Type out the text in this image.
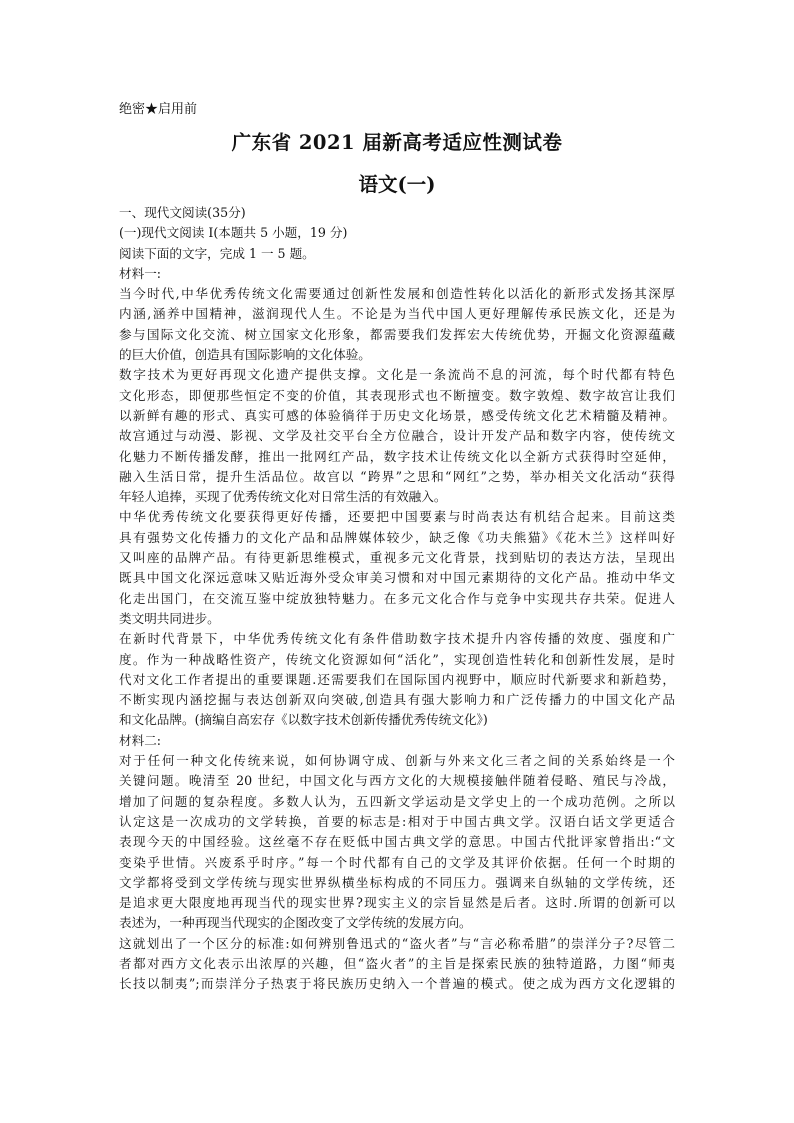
绝密★启用前
广东省 2021 届新高考适应性测试卷
语文(一)
一、现代文阅读(35分)
(一)现代文阅读 I(本题共 5 小题，19 分)
阅读下面的文字，完成 1 一 5 题。
材料一:
当今时代,中华优秀传统文化需要通过创新性发展和创造性转化以活化的新形式发扬其深厚
内涵,涵养中国精神，滋润现代人生。不论是为当代中国人更好理解传承民族文化，还是为
参与国际文化交流、树立国家文化形象，都需要我们发挥宏大传统优势，开掘文化资源蕴藏
的巨大价值，创造具有国际影响的文化体验。
数字技术为更好再现文化遗产提供支撑。文化是一条流尚不息的河流，每个时代都有特色
文化形态，即便那些恒定不变的价值，其表现形式也不断擅变。数字敦煌、数字故宫让我们
以新鲜有趣的形式、真实可感的体验徜徉于历史文化场景，感受传统文化艺术精髓及精神。
故宫通过与动漫、影视、文学及社交平台全方位融合，设计开发产品和数字内容，使传统文
化魅力不断传播发酵，推出一批网红产品，数字技术让传统文化以全新方式获得时空延伸，
融入生活日常，提升生活品位。故宫以 “跨界”之思和“网红”之势，举办相关文化活动“获得
年轻人追捧，买现了优秀传统文化对日常生活的有效融入。
中华优秀传统文化要获得更好传播，还要把中国要素与时尚表达有机结合起来。目前这类
具有强势文化传播力的文化产品和品牌媒体较少，缺乏像《功夫熊猫》《花木兰》这样叫好
又叫座的品牌产品。有待更新思维模式，重视多元文化背景，找到贴切的表达方法，呈现出
既具中国文化深远意味又贴近海外受众审美习惯和对中国元素期待的文化产品。推动中华文
化走出国门，在交流互鉴中绽放独特魅力。在多元文化合作与竞争中实现共存共荣。促进人
类文明共同进步。
在新时代背景下，中华优秀传统文化有条件借助数字技术提升内容传播的效度、强度和广
度。作为一种战略性资产，传统文化资源如何“活化”，实现创造性转化和创新性发展，是时
代对文化工作者提出的重要课题.还需要我们在国际国内视野中，顺应时代新要求和新趋势，
不断实现内涵挖掘与表达创新双向突破,创造具有强大影响力和广泛传播力的中国文化产品
和文化品牌。(摘编自高宏存《以数字技术创新传播优秀传统文化》)
材料二:
对于任何一种文化传统来说，如何协调守成、创新与外来文化三者之间的关系始终是一个
关键问题。晚清至 20 世纪，中国文化与西方文化的大规模接触伴随着侵略、殖民与冷战，
增加了问题的复杂程度。多数人认为，五四新文学运动是文学史上的一个成功范例。之所以
认定这是一次成功的文学转换，首要的标志是:相对于中国古典文学。汉语白话文学更适合
表现今天的中国经验。这丝毫不存在贬低中国古典文学的意思。中国古代批评家曾指出:“文
变染乎世情。兴废系乎时序。”每一个时代都有自己的文学及其评价依据。任何一个时期的
文学都将受到文学传统与现实世界纵横坐标构成的不同压力。强调来自纵轴的文学传统，还
是追求更大限度地再现当代的现实世界?现实主义的宗旨显然是后者。这时.所谓的创新可以
表述为，一种再现当代现实的企图改变了文学传统的发展方向。
这就划出了一个区分的标准:如何辨别鲁迅式的“盗火者”与“言必称希腊”的崇洋分子?尽管二
者都对西方文化表示出浓厚的兴趣，但“盗火者”的主旨是探索民族的独特道路，力图“师夷
长技以制夷”;而崇洋分子热衷于将民族历史纳入一个普遍的模式。使之成为西方文化逻辑的
